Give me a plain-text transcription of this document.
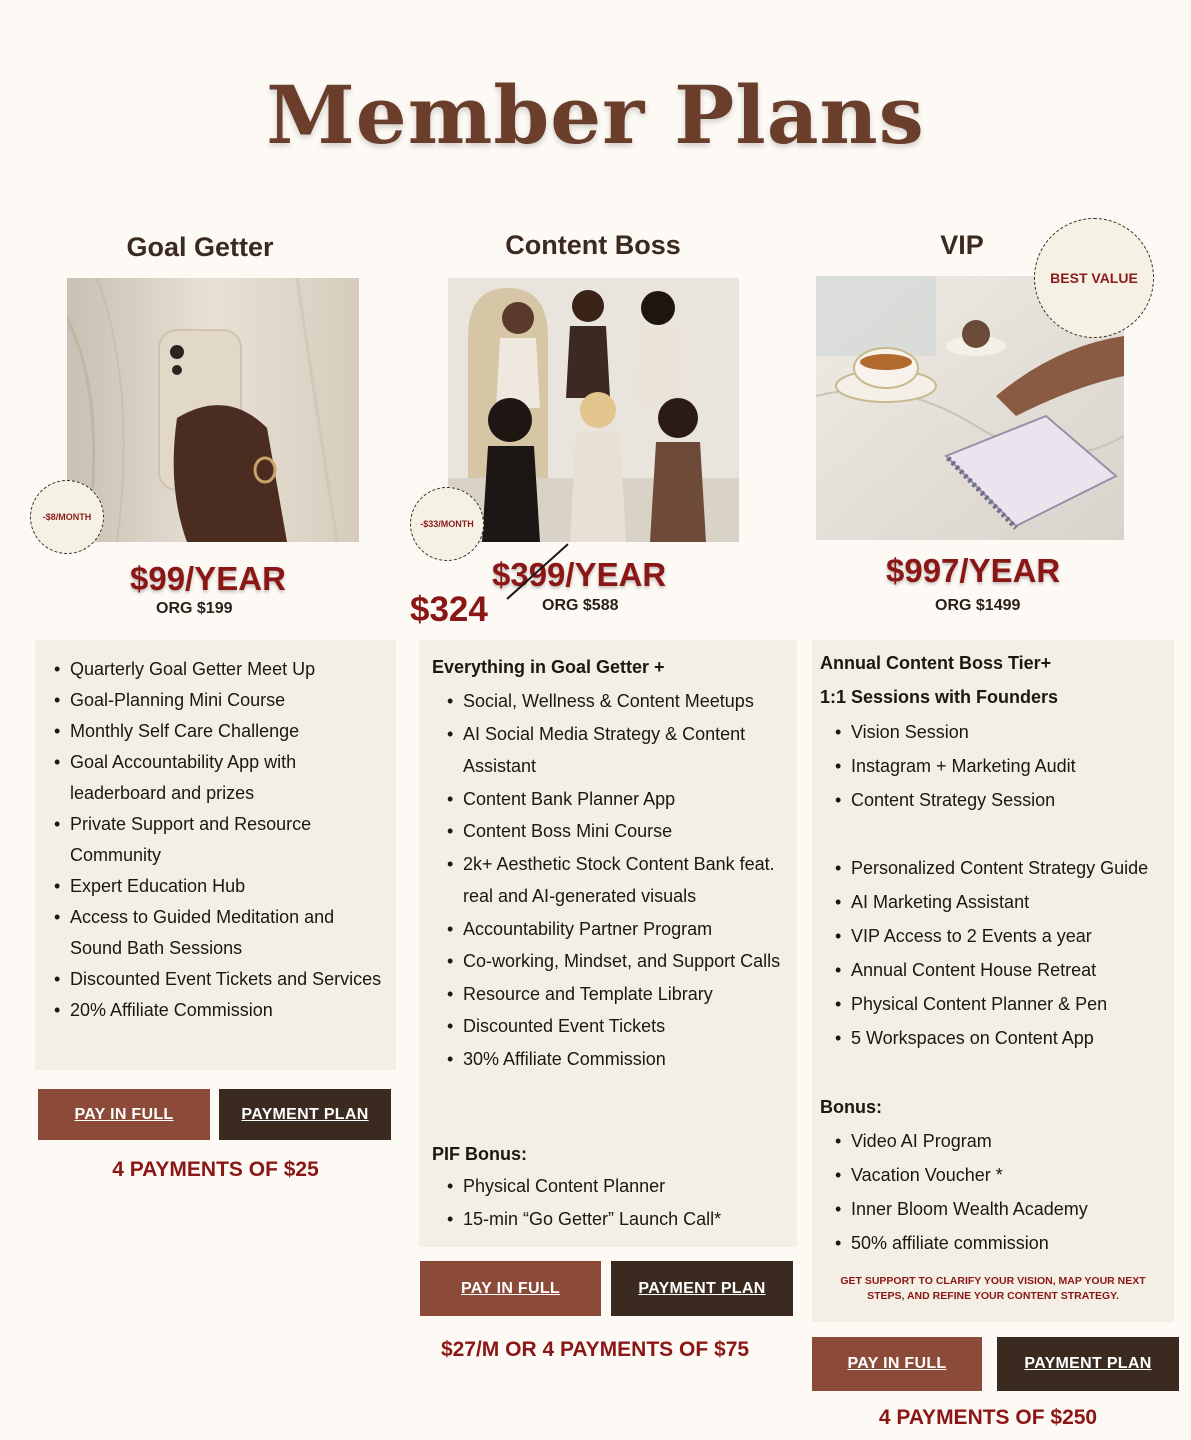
Member Plans
Goal Getter
-$8/MONTH
$99/YEAR
ORG $199
• Quarterly Goal Getter Meet Up
• Goal-Planning Mini Course
• Monthly Self Care Challenge
• Goal Accountability App with leaderboard and prizes
• Private Support and Resource Community
• Expert Education Hub
• Access to Guided Meditation and Sound Bath Sessions
• Discounted Event Tickets and Services
• 20% Affiliate Commission
PAY IN FULL	PAYMENT PLAN
4 PAYMENTS OF $25
Content Boss
-$33/MONTH
$399/YEAR
$324	ORG $588
Everything in Goal Getter +
• Social, Wellness & Content Meetups
• AI Social Media Strategy & Content Assistant
• Content Bank Planner App
• Content Boss Mini Course
• 2k+ Aesthetic Stock Content Bank feat. real and AI-generated visuals
• Accountability Partner Program
• Co-working, Mindset, and Support Calls
• Resource and Template Library
• Discounted Event Tickets
• 30% Affiliate Commission
PIF Bonus:
• Physical Content Planner
• 15-min “Go Getter” Launch Call*
PAY IN FULL	PAYMENT PLAN
$27/M OR 4 PAYMENTS OF $75
VIP
BEST VALUE
$997/YEAR
ORG $1499
Annual Content Boss Tier+
1:1 Sessions with Founders
• Vision Session
• Instagram + Marketing Audit
• Content Strategy Session
• Personalized Content Strategy Guide
• AI Marketing Assistant
• VIP Access to 2 Events a year
• Annual Content House Retreat
• Physical Content Planner & Pen
• 5 Workspaces on Content App
Bonus:
• Video AI Program
• Vacation Voucher *
• Inner Bloom Wealth Academy
• 50% affiliate commission
GET SUPPORT TO CLARIFY YOUR VISION, MAP YOUR NEXT STEPS, AND REFINE YOUR CONTENT STRATEGY.
PAY IN FULL	PAYMENT PLAN
4 PAYMENTS OF $250
